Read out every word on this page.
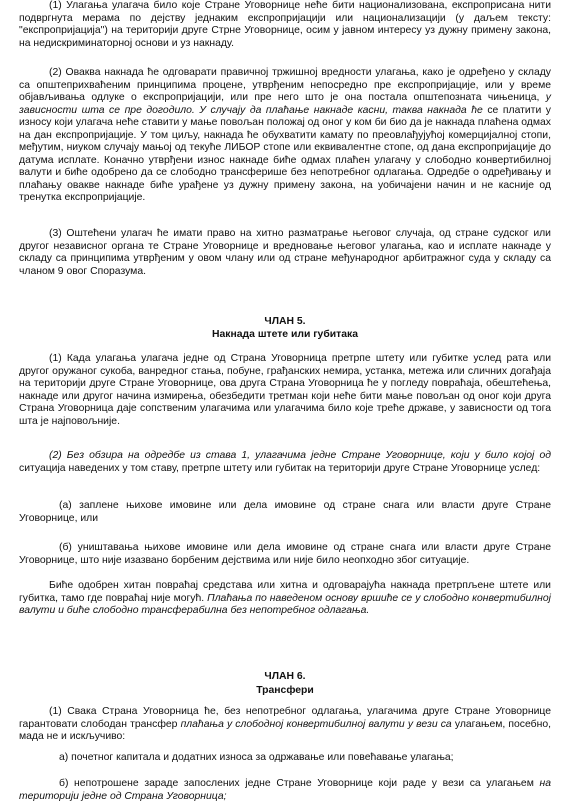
(1) Улагања улагача било које Стране Уговорнице неће бити национализована, експроприсана нити подвргнута мерама по дејству једнаким експропријацији или национализацији (у даљем тексту: "експропријација") на територији друге Стрне Уговорнице, осим у јавном интересу уз дужну примену закона, на недискриминаторној основи и уз накнаду.

(2) Оваква накнада ће одговарати правичној тржишној вредности улагања, како је одређено у складу са општеприхваћеним принципима процене, утврђеним непосредно пре експропријације, или у време објављивања одлуке о експропријацији, или пре него што је она постала општепозната чињеница, у зависности шта се пре догодило. У случају да плаћање накнаде касни, таква накнада ће се платити у износу који улагача неће ставити у мање повољан положај од оног у ком би био да је накнада плаћена одмах на дан експропријације. У том циљу, накнада ће обухватити камату по преовлађујућој комерцијалној стопи, међутим, ниуком случају мањој од текуће ЛИБОР стопе или еквивалентне стопе, од дана експропријације до датума исплате. Коначно утврђени износ накнаде биће одмах плаћен улагачу у слободно конвертибилној валути и биће одобрено да се слободно трансферише без непотребног одлагања. Одредбе о одређивању и плаћању овакве накнаде биће урађене уз дужну примену закона, на уобичајени начин и не касније од тренутка експропријације.

(3) Оштећени улагач ће имати право на хитно размaтрање његовог случаја, од стране судског или другог независног органа те Стране Уговорнице и вредновање његовог улагања, као и исплате накнаде у складу са принципима утврђеним у овом члану или од стране међународног арбитражног суда у складу са чланом 9 овог Споразума.

ЧЛАН 5.
Накнада штете или губитака

(1) Када улагања улагача једне од Страна Уговорница претрпе штету или губитке услед рата или другог оружаног сукоба, ванредног стања, побуне, грађанских немира, устанка, метежа или сличних догађаја на територији друге Стране Уговорнице, ова друга Страна Уговорница ће у погледу повраћаја, обештећења, накнаде или другог начина измирења, обезбедити третман који неће бити мање повољан од оног који друга Страна Уговорница даје сопственим улагачима или улагачима било које треће државе, у зависности од тога шта је најповољније.

(2) Без обзира на одредбе из става 1, улагачима једне Стране Уговорнице, који у било којој од ситуација наведених у том ставу, претрпе штету или губитак на територији друге Стране Уговорнице услед:

(а) заплене њихове имовине или дела имовине од стране снага или власти друге Стране Уговорнице, или

(б) уништавања њихове имовине или дела имовине од стране снага или власти друге Стране Уговорнице, што није изазвано борбеним дејствима или није било неопходно због ситуације.

Биће одобрен хитан повраћај средстава или хитна и одговарајућа накнада претрпљене штете или губитка, тамо где повраћај није могућ. Плаћања по наведеном основу вршиће се у слободно конвертибилној валути и биће слободно трансферабилна без непотребног одлагања.

ЧЛАН 6.
Трансфери

(1) Свака Страна Уговорница ће, без непотребног одлагања, улагачима друге Стране Уговорнице гарантовати слободан трансфер плаћања у слободној конвертибилној валути у вези са улагањем, посебно, мада не и искључиво:

а) почетног капитала и додатних износа за одржавање или повећавање улагања;

б) непотрошене зараде запослених једне Стране Уговорнице који раде у вези са улагањем на територији једне од Страна Уговорница;
